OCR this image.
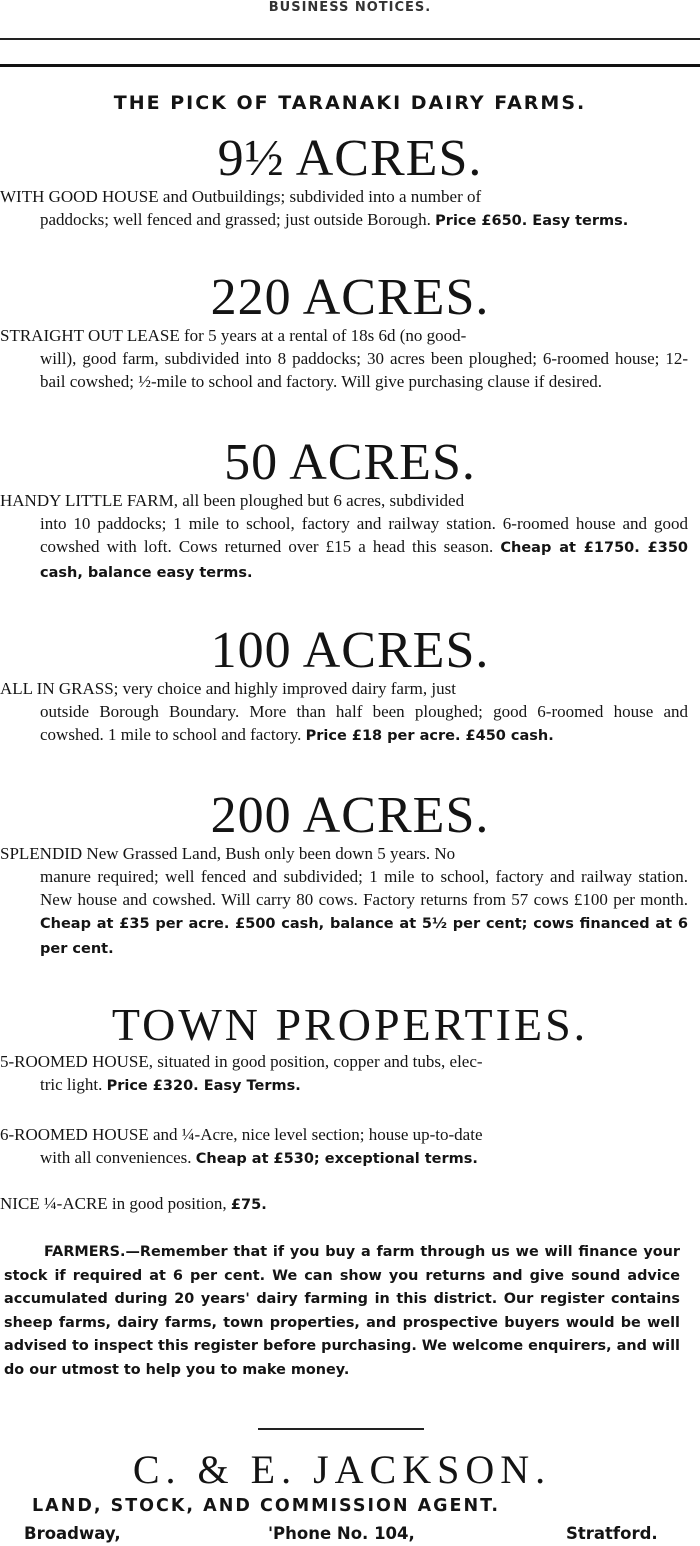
BUSINESS NOTICES.
THE PICK OF TARANAKI DAIRY FARMS.
9½ ACRES.
WITH GOOD HOUSE and Outbuildings; subdivided into a number of
paddocks; well fenced and grassed; just outside Borough. Price £650. Easy terms.
220 ACRES.
STRAIGHT OUT LEASE for 5 years at a rental of 18s 6d (no good-
will), good farm, subdivided into 8 paddocks; 30 acres been ploughed; 6-roomed house; 12-bail cowshed; ½-mile to school and factory. Will give purchasing clause if desired.
50 ACRES.
HANDY LITTLE FARM, all been ploughed but 6 acres, subdivided
into 10 paddocks; 1 mile to school, factory and railway station. 6-roomed house and good cowshed with loft. Cows returned over £15 a head this season. Cheap at £1750. £350 cash, balance easy terms.
100 ACRES.
ALL IN GRASS; very choice and highly improved dairy farm, just
outside Borough Boundary. More than half been ploughed; good 6-roomed house and cowshed. 1 mile to school and factory. Price £18 per acre. £450 cash.
200 ACRES.
SPLENDID New Grassed Land, Bush only been down 5 years. No
manure required; well fenced and subdivided; 1 mile to school, factory and railway station. New house and cowshed. Will carry 80 cows. Factory returns from 57 cows £100 per month. Cheap at £35 per acre. £500 cash, balance at 5½ per cent; cows financed at 6 per cent.
TOWN PROPERTIES.
5-ROOMED HOUSE, situated in good position, copper and tubs, elec-
tric light. Price £320. Easy Terms.
6-ROOMED HOUSE and ¼-Acre, nice level section; house up-to-date
with all conveniences. Cheap at £530; exceptional terms.
NICE ¼-ACRE in good position, £75.
FARMERS.—Remember that if you buy a farm through us we will finance your stock if required at 6 per cent. We can show you returns and give sound advice accumulated during 20 years' dairy farming in this district. Our register contains sheep farms, dairy farms, town properties, and prospective buyers would be well advised to inspect this register before purchasing. We welcome enquirers, and will do our utmost to help you to make money.
C. & E. JACKSON.
LAND, STOCK, AND COMMISSION AGENT.
Broadway,	'Phone No. 104,	Stratford.
